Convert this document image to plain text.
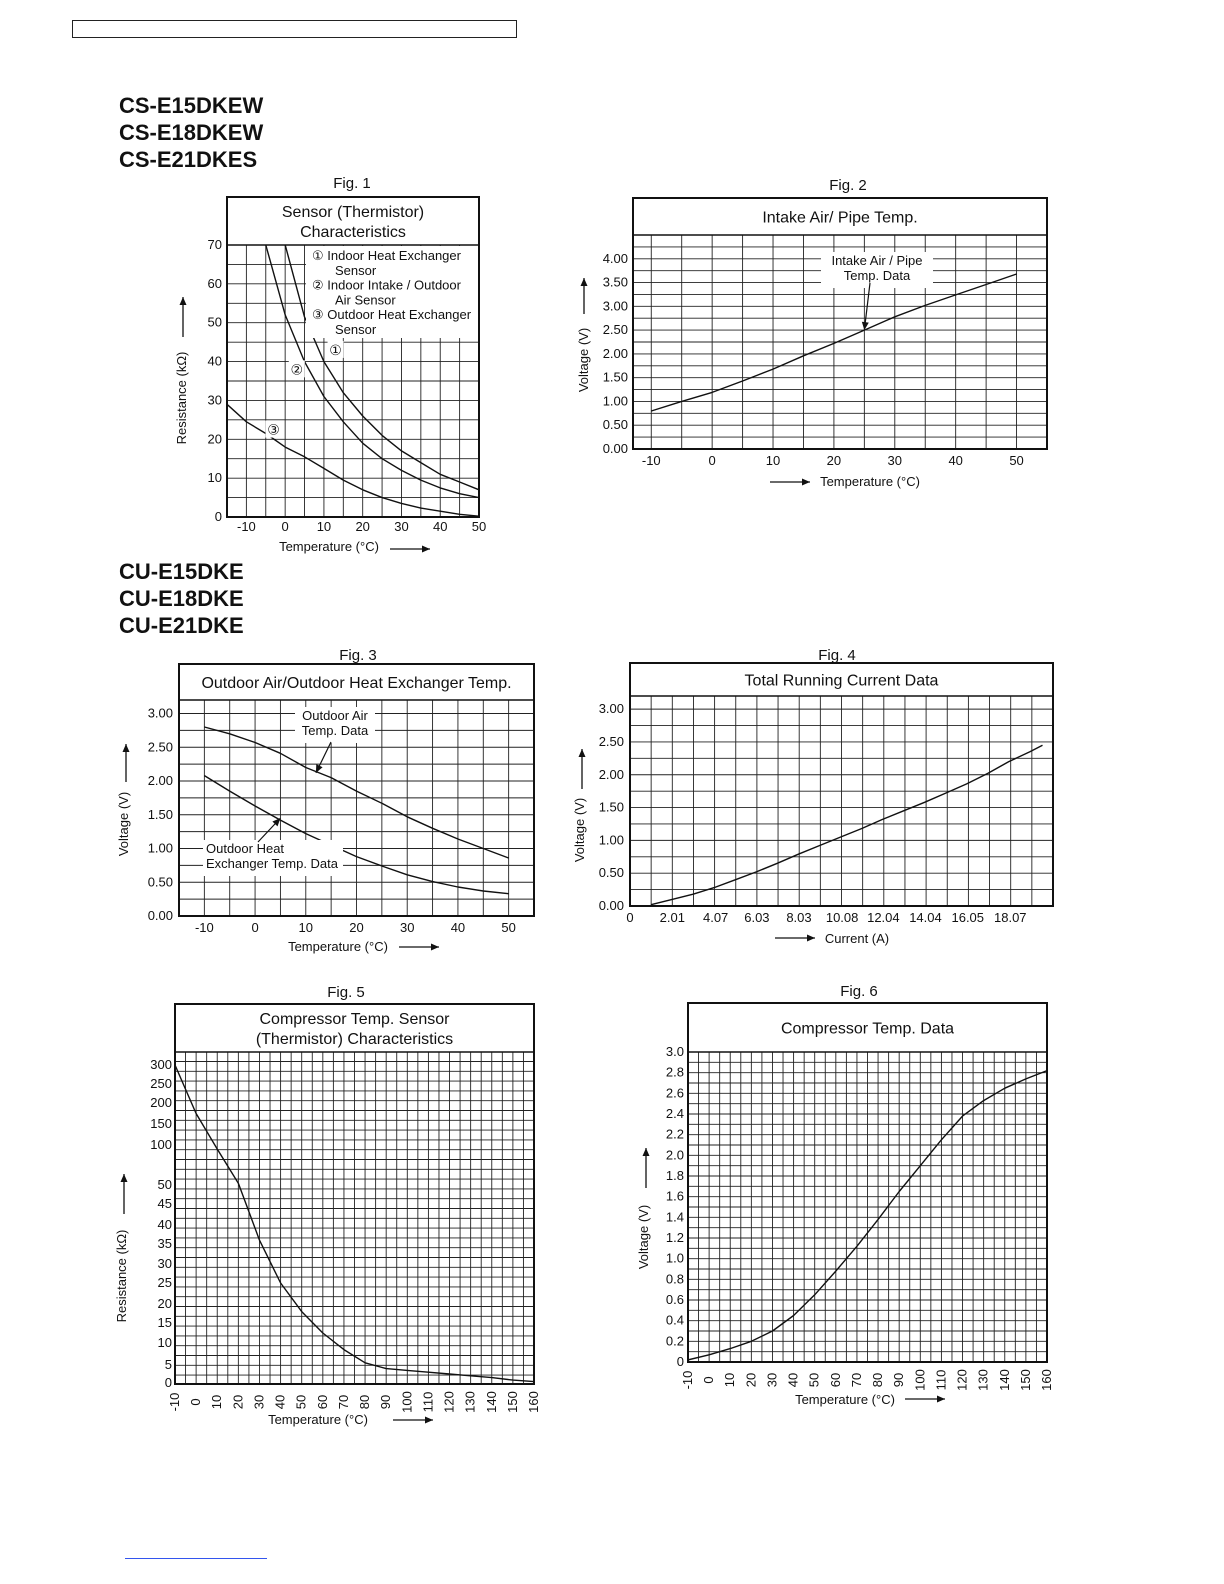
CS-E15DKEW
CS-E18DKEW
CS-E21DKES
CU-E15DKE
CU-E18DKE
CU-E21DKE
Fig. 1
Sensor (Thermistor)
Characteristics
-10 0 10 20 30 40 50
0
10
20
30
40
50
60
70
Temperature (°C)
Resistance (kΩ)
①
②
③
① Indoor Heat Exchanger
Sensor
② Indoor Intake / Outdoor
Air Sensor
③ Outdoor Heat Exchanger
Sensor
Fig. 2
Intake Air/ Pipe Temp.
-10	0	10	20	30	40	50
0.00
0.50
1.00
1.50
2.00
2.50
3.00
3.50
4.00
Temperature (°C)
Voltage (V)
Intake Air / Pipe
Temp. Data
Fig. 3
Outdoor Air/Outdoor Heat Exchanger Temp.
-10	0	10	20	30	40	50
0.00
0.50
1.00
1.50
2.00
2.50
3.00
Temperature (°C)
Voltage (V)
Outdoor Air
Temp. Data
Outdoor Heat
Exchanger Temp. Data
Fig. 4
Total Running Current Data
0 2.01 4.07 6.03 8.03 10.08 12.04 14.04 16.05 18.07
0.00
0.50
1.00
1.50
2.00
2.50
3.00
Current (A)
Voltage (V)
Fig. 5
Compressor Temp. Sensor
(Thermistor) Characteristics
-10 0 10 20 30 40 50 60 70 80 90 100 110 120 130 140 150 160
0
5
10
15
20
25
30
35
40
45
50
100
150
200
250
300
Temperature (°C)
Resistance (kΩ)
Fig. 6
Compressor Temp. Data
-10 0 10 20 30 40 50 60 70 80 90 100 110 120 130 140 150 160
0
0.2
0.4
0.6
0.8
1.0
1.2
1.4
1.6
1.8
2.0
2.2
2.4
2.6
2.8
3.0
Temperature (°C)
Voltage (V)
